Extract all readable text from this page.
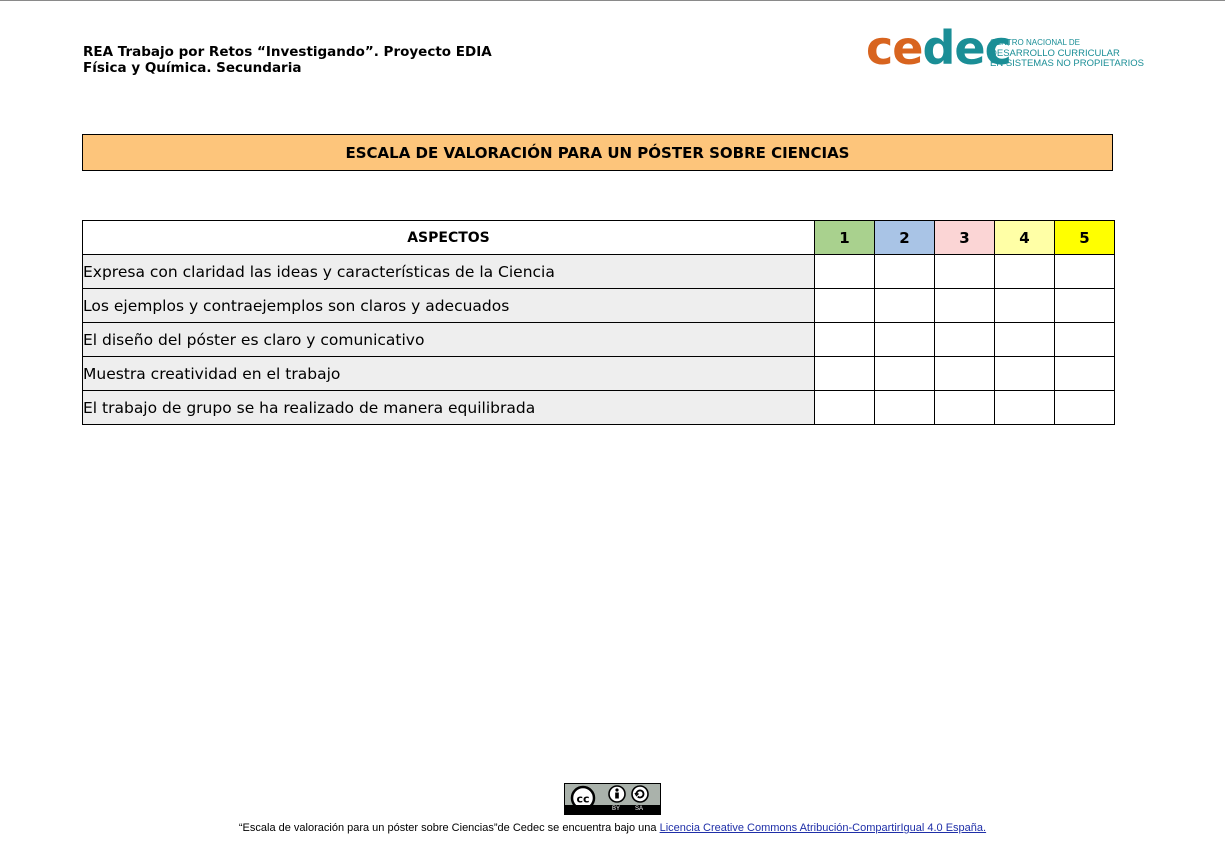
REA Trabajo por Retos “Investigando”. Proyecto EDIA
Física y Química. Secundaria	cedec
CENTRO NACIONAL DE
DESARROLLO CURRICULAR
EN SISTEMAS NO PROPIETARIOS
ESCALA DE VALORACIÓN PARA UN PÓSTER SOBRE CIENCIAS
ASPECTOS	1	2	3	4	5
Expresa con claridad las ideas y características de la Ciencia					
Los ejemplos y contraejemplos son claros y adecuados					
El diseño del póster es claro y comunicativo					
Muestra creatividad en el trabajo					
El trabajo de grupo se ha realizado de manera equilibrada					
cc
BY SA
“Escala de valoración para un póster sobre Ciencias”de Cedec se encuentra bajo una Licencia Creative Commons Atribución-CompartirIgual 4.0 España.
